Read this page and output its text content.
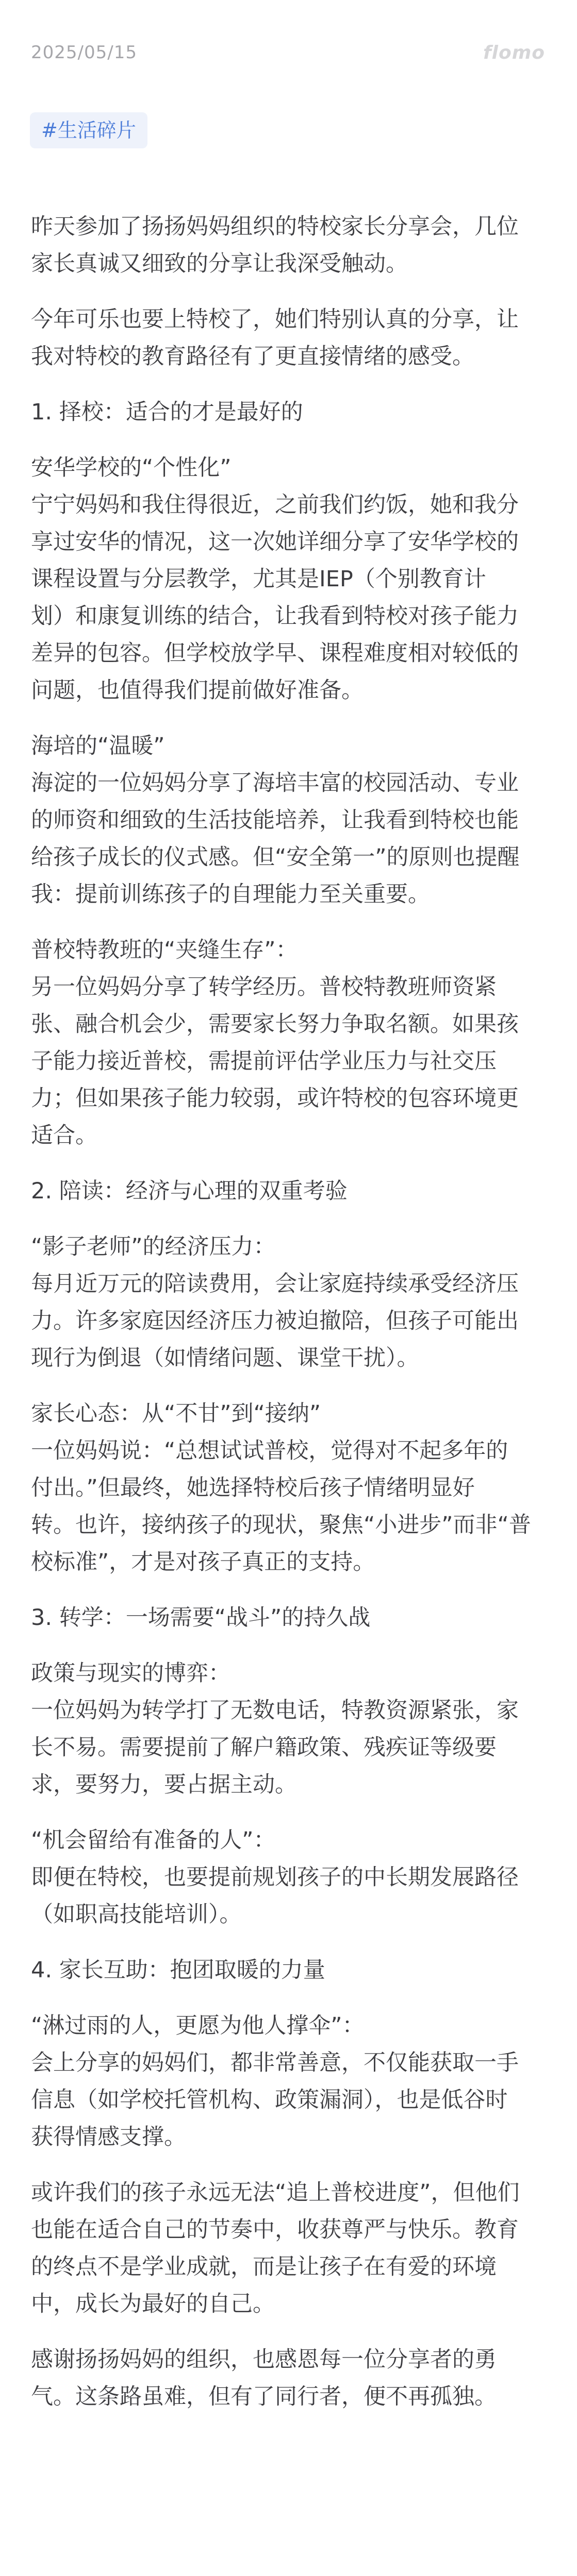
2025/05/15	flomo
#生活碎片
昨天参加了扬扬妈妈组织的特校家长分享会，几位
家长真诚又细致的分享让我深受触动。
今年可乐也要上特校了，她们特别认真的分享，让
我对特校的教育路径有了更直接情绪的感受。
1. 择校：适合的才是最好的
安华学校的“个性化”
宁宁妈妈和我住得很近，之前我们约饭，她和我分
享过安华的情况，这一次她详细分享了安华学校的
课程设置与分层教学，尤其是IEP（个别教育计
划）和康复训练的结合，让我看到特校对孩子能力
差异的包容。但学校放学早、课程难度相对较低的
问题，也值得我们提前做好准备。
海培的“温暖”
海淀的一位妈妈分享了海培丰富的校园活动、专业
的师资和细致的生活技能培养，让我看到特校也能
给孩子成长的仪式感。但“安全第一”的原则也提醒
我：提前训练孩子的自理能力至关重要。
普校特教班的“夹缝生存”：
另一位妈妈分享了转学经历。普校特教班师资紧
张、融合机会少，需要家长努力争取名额。如果孩
子能力接近普校，需提前评估学业压力与社交压
力；但如果孩子能力较弱，或许特校的包容环境更
适合。
2. 陪读：经济与心理的双重考验
“影子老师”的经济压力：
每月近万元的陪读费用，会让家庭持续承受经济压
力。许多家庭因经济压力被迫撤陪，但孩子可能出
现行为倒退（如情绪问题、课堂干扰）。
家长心态：从“不甘”到“接纳”
一位妈妈说：“总想试试普校，觉得对不起多年的
付出。”但最终，她选择特校后孩子情绪明显好
转。也许，接纳孩子的现状，聚焦“小进步”而非“普
校标准”，才是对孩子真正的支持。
3. 转学：一场需要“战斗”的持久战
政策与现实的博弈：
一位妈妈为转学打了无数电话，特教资源紧张，家
长不易。需要提前了解户籍政策、残疾证等级要
求，要努力，要占据主动。
“机会留给有准备的人”：
即便在特校，也要提前规划孩子的中长期发展路径
（如职高技能培训）。
4. 家长互助：抱团取暖的力量
“淋过雨的人，更愿为他人撑伞”：
会上分享的妈妈们，都非常善意，不仅能获取一手
信息（如学校托管机构、政策漏洞），也是低谷时
获得情感支撑。
或许我们的孩子永远无法“追上普校进度”，但他们
也能在适合自己的节奏中，收获尊严与快乐。教育
的终点不是学业成就，而是让孩子在有爱的环境
中，成长为最好的自己。
感谢扬扬妈妈的组织，也感恩每一位分享者的勇
气。这条路虽难，但有了同行者，便不再孤独。
